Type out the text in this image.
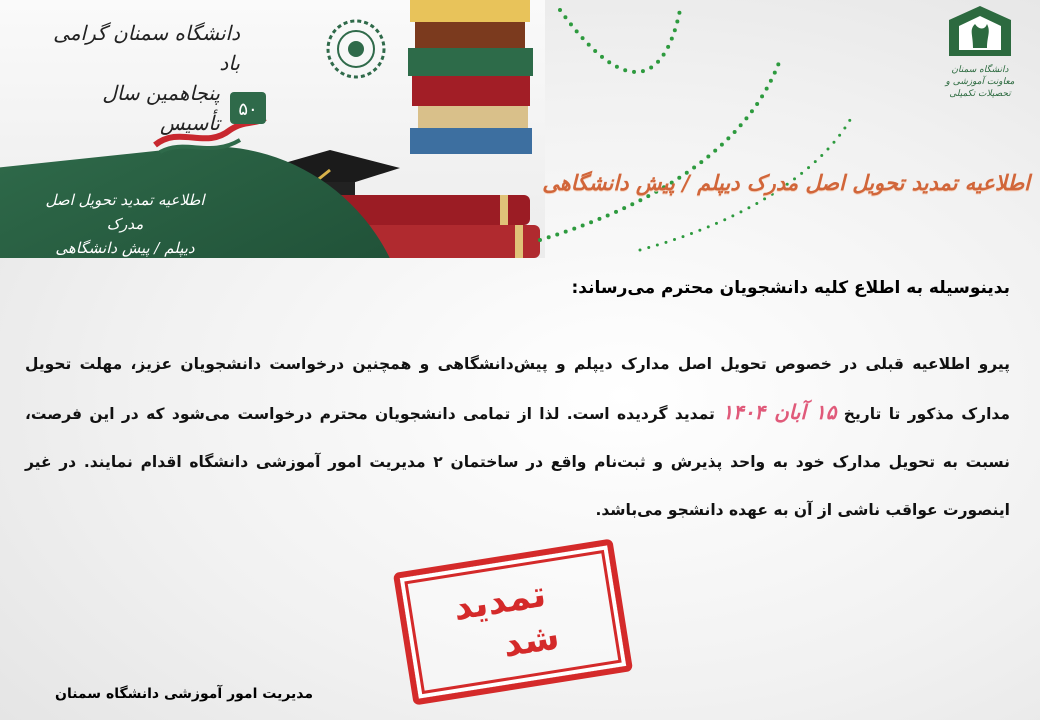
اطلاعیه تمدید تحویل اصل مدرک
دیپلم / پیش دانشگاهی
دانشگاه سمنان گرامی باد
پنجاهمین سال تأسیس
۵۰
دانشگاه سمنان
معاونت آموزشی و تحصیلات تکمیلی
اطلاعیه تمدید تحویل اصل مدرک دیپلم / پیش دانشگاهی
بدینوسیله به اطلاع کلیه دانشجویان محترم می‌رساند:
پیرو اطلاعیه قبلی در خصوص تحویل اصل مدارک دیپلم و پیش‌دانشگاهی و همچنین درخواست دانشجویان عزیز، مهلت تحویل مدارک مذکور تا تاریخ ۱۵ آبان ۱۴۰۴ تمدید گردیده است. لذا از تمامی دانشجویان محترم درخواست می‌شود که در این فرصت، نسبت به تحویل مدارک خود به واحد پذیرش و ثبت‌نام واقع در ساختمان ۲ مدیریت امور آموزشی دانشگاه اقدام نمایند. در غیر اینصورت عواقب ناشی از آن به عهده دانشجو می‌باشد.
تمدید
شد
مدیریت امور آموزشی دانشگاه سمنان
